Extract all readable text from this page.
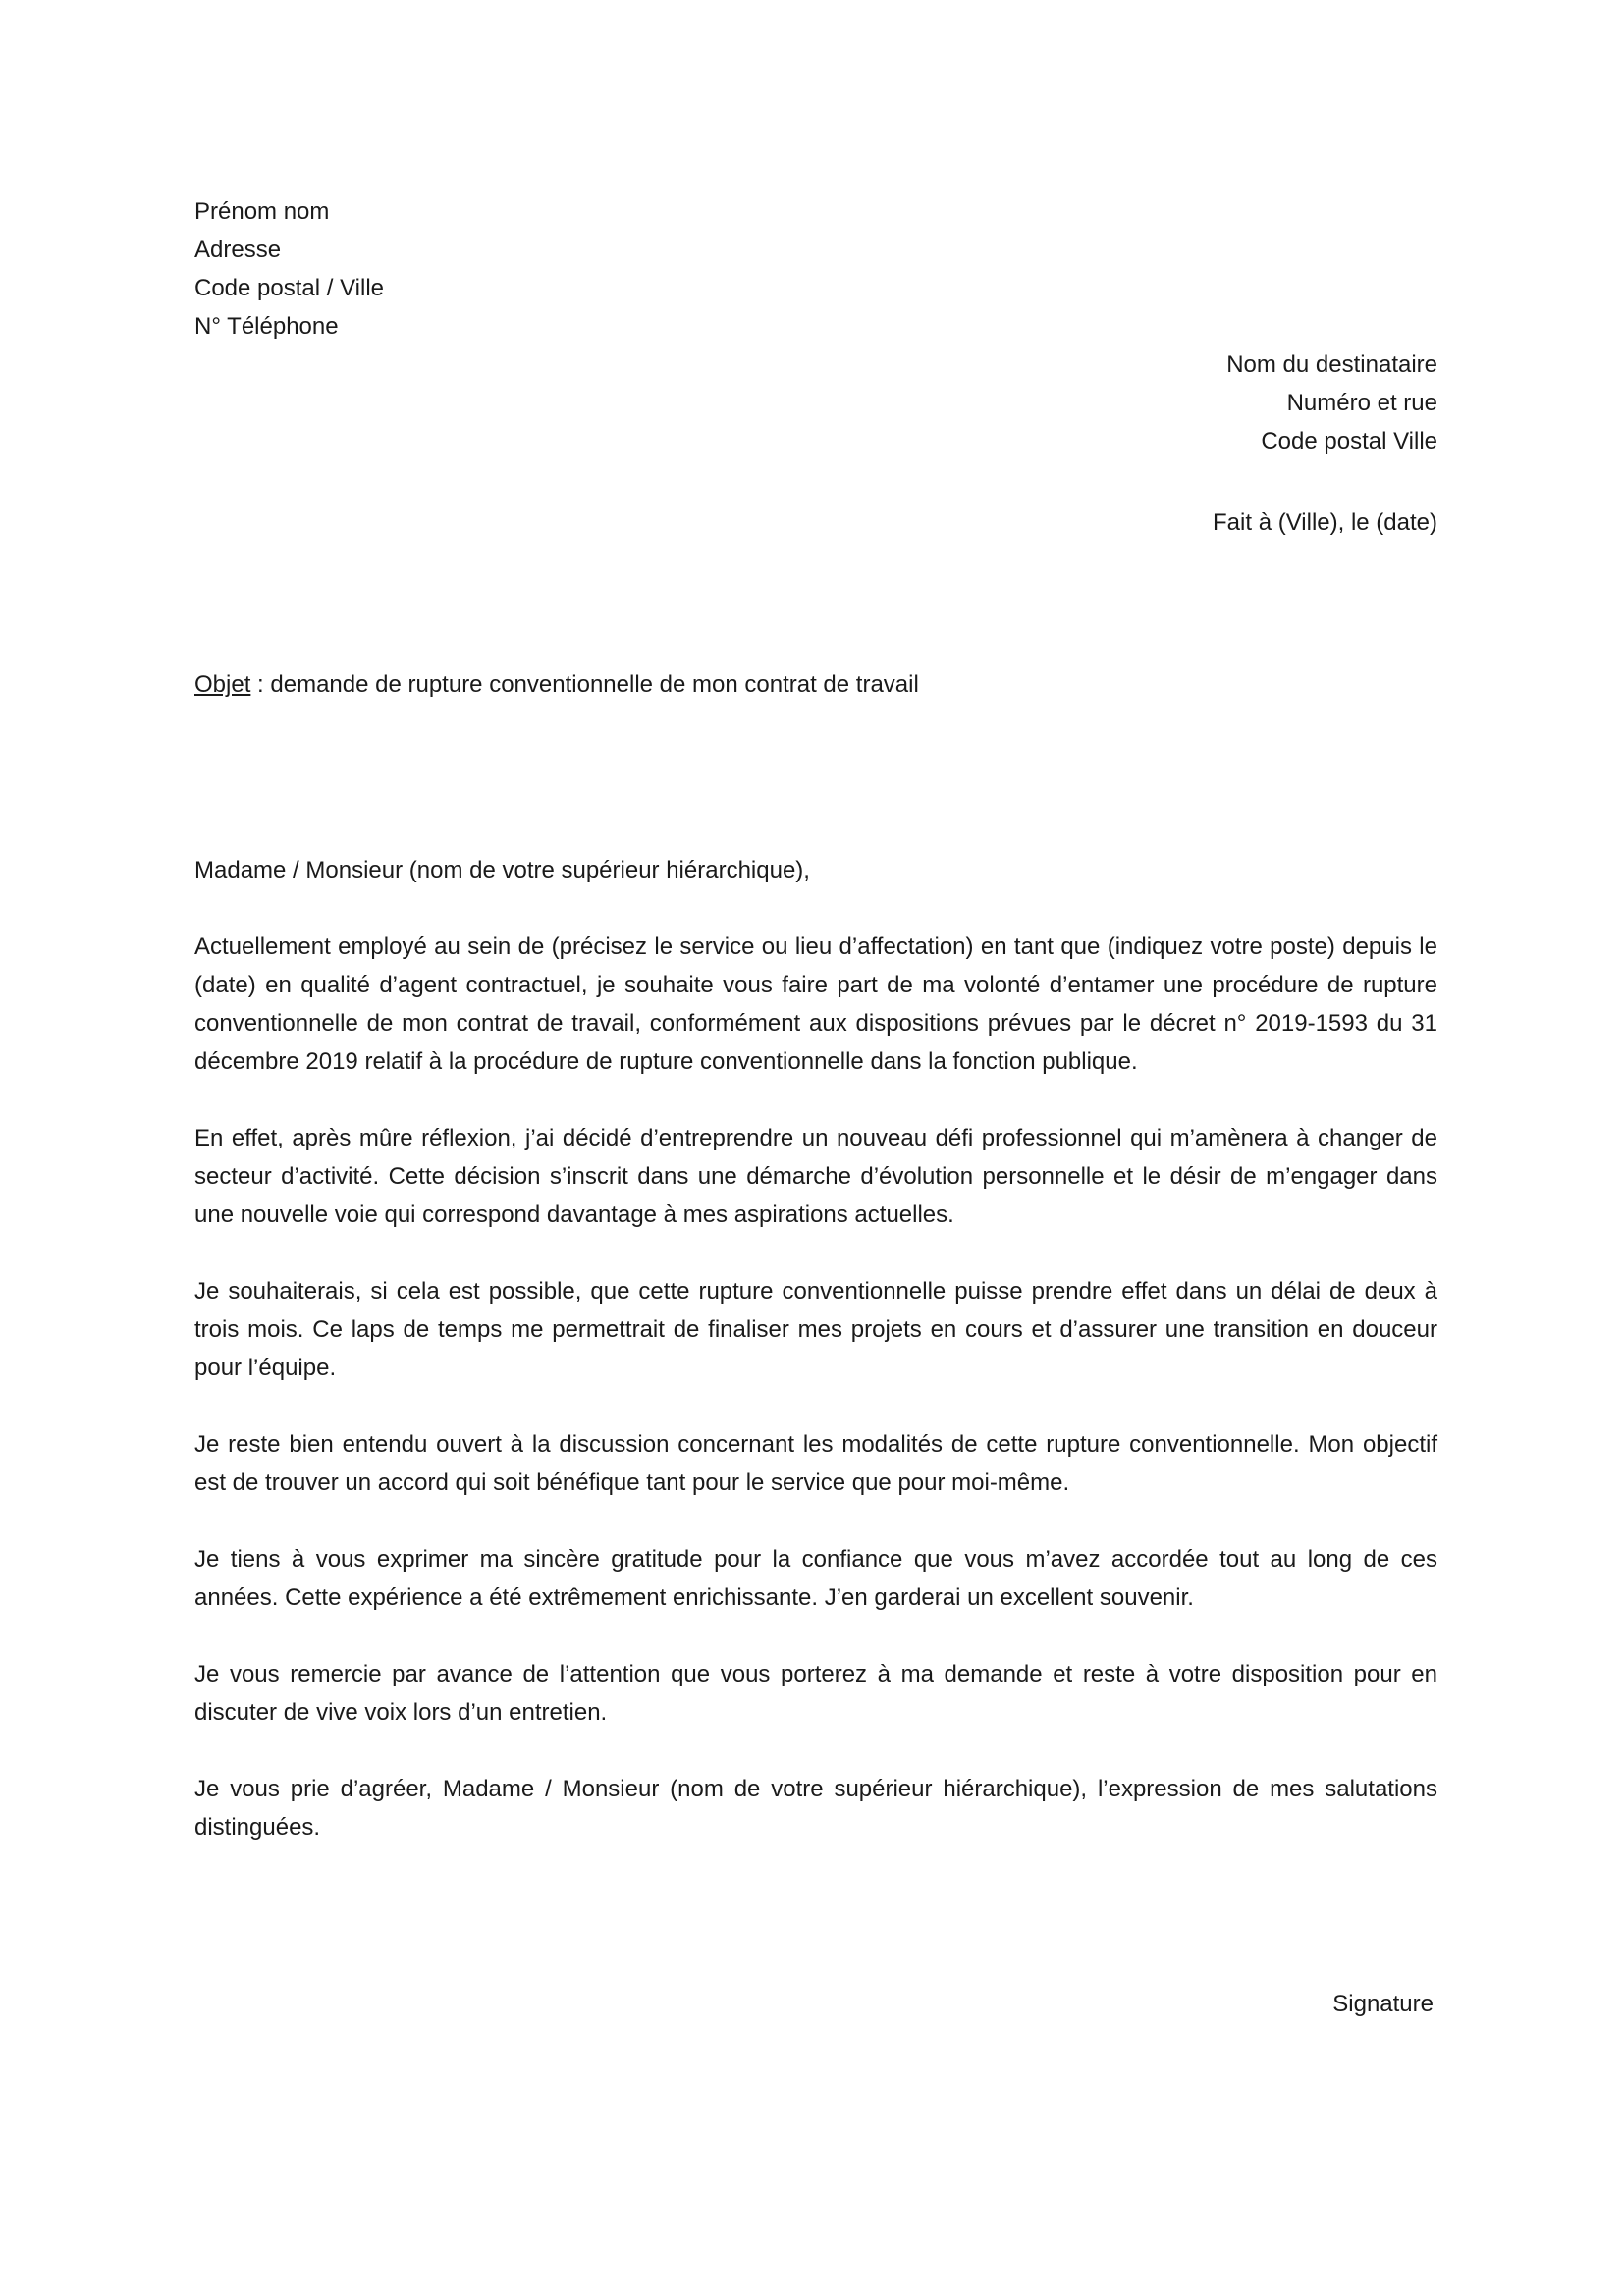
Prénom nom
Adresse
Code postal / Ville
N° Téléphone
Nom du destinataire
Numéro et rue
Code postal Ville
Fait à (Ville), le (date)
Objet : demande de rupture conventionnelle de mon contrat de travail

Madame / Monsieur (nom de votre supérieur hiérarchique),

Actuellement employé au sein de (précisez le service ou lieu d’affectation) en tant que (indiquez votre poste) depuis le (date) en qualité d’agent contractuel, je souhaite vous faire part de ma volonté d’entamer une procédure de rupture conventionnelle de mon contrat de travail, conformément aux dispositions prévues par le décret n° 2019-1593 du 31 décembre 2019 relatif à la procédure de rupture conventionnelle dans la fonction publique.

En effet, après mûre réflexion, j’ai décidé d’entreprendre un nouveau défi professionnel qui m’amènera à changer de secteur d’activité. Cette décision s’inscrit dans une démarche d’évolution personnelle et le désir de m’engager dans une nouvelle voie qui correspond davantage à mes aspirations actuelles.

Je souhaiterais, si cela est possible, que cette rupture conventionnelle puisse prendre effet dans un délai de deux à trois mois. Ce laps de temps me permettrait de finaliser mes projets en cours et d’assurer une transition en douceur pour l’équipe.

Je reste bien entendu ouvert à la discussion concernant les modalités de cette rupture conventionnelle. Mon objectif est de trouver un accord qui soit bénéfique tant pour le service que pour moi-même.

Je tiens à vous exprimer ma sincère gratitude pour la confiance que vous m’avez accordée tout au long de ces années. Cette expérience a été extrêmement enrichissante. J’en garderai un excellent souvenir.

Je vous remercie par avance de l’attention que vous porterez à ma demande et reste à votre disposition pour en discuter de vive voix lors d’un entretien.

Je vous prie d’agréer, Madame / Monsieur (nom de votre supérieur hiérarchique), l’expression de mes salutations distinguées.

Signature
